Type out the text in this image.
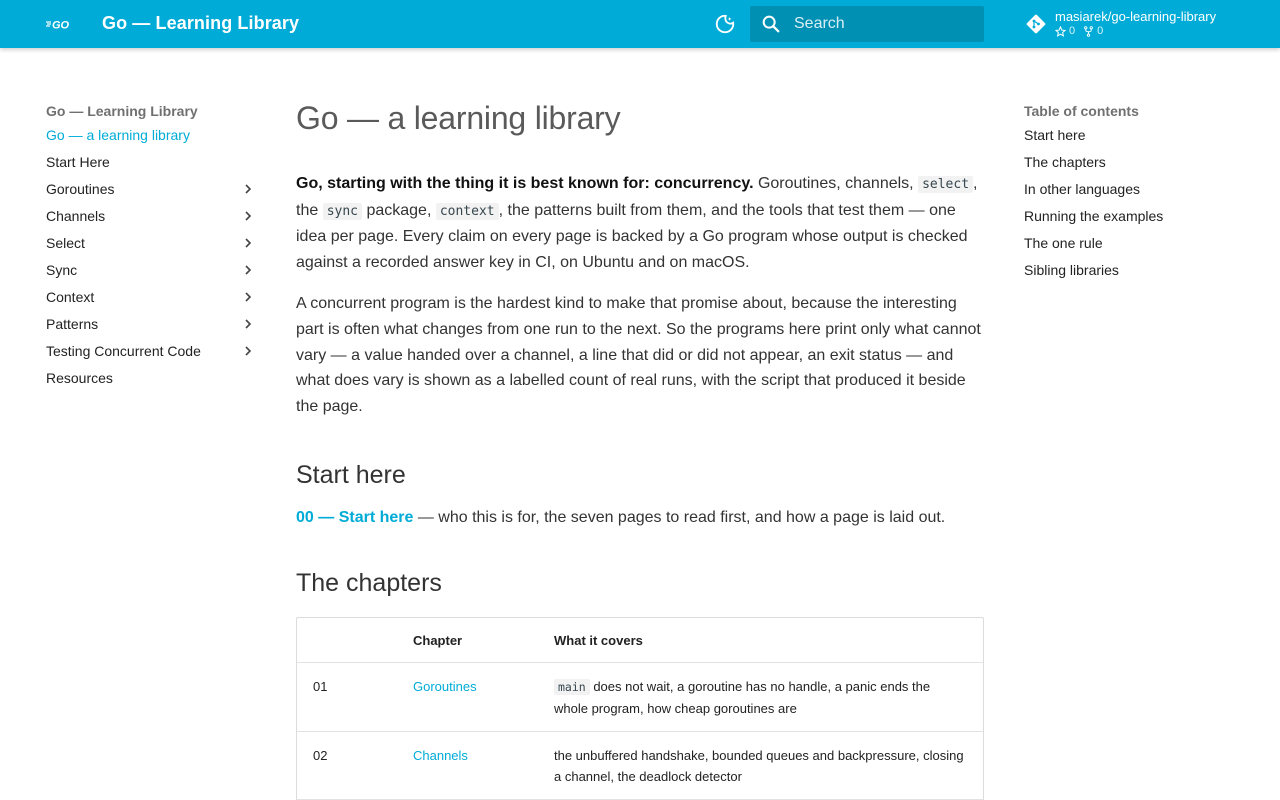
GO Go — Learning Library
Search	masiarek/go-learning-library
0 0
Go — Learning Library
Go — a learning library
Start Here
Goroutines
Channels
Select
Sync
Context
Patterns
Testing Concurrent Code
Resources
Go — a learning library

Go, starting with the thing it is best known for: concurrency. Goroutines, channels, select , the sync package, context , the patterns built from them, and the tools that test them — one idea per page. Every claim on every page is backed by a Go program whose output is checked against a recorded answer key in CI, on Ubuntu and on macOS.

A concurrent program is the hardest kind to make that promise about, because the interesting part is often what changes from one run to the next. So the programs here print only what cannot vary — a value handed over a channel, a line that did or did not appear, an exit status — and what does vary is shown as a labelled count of real runs, with the script that produced it beside the page.

Start here

00 — Start here — who this is for, the seven pages to read first, and how a page is laid out.

The chapters
	Chapter	What it covers
01	Goroutines	main does not wait, a goroutine has no handle, a panic ends the whole program, how cheap goroutines are
02	Channels	the unbuffered handshake, bounded queues and backpressure, closing a channel, the deadlock detector

Table of contents
Start here
The chapters
In other languages
Running the examples
The one rule
Sibling libraries
